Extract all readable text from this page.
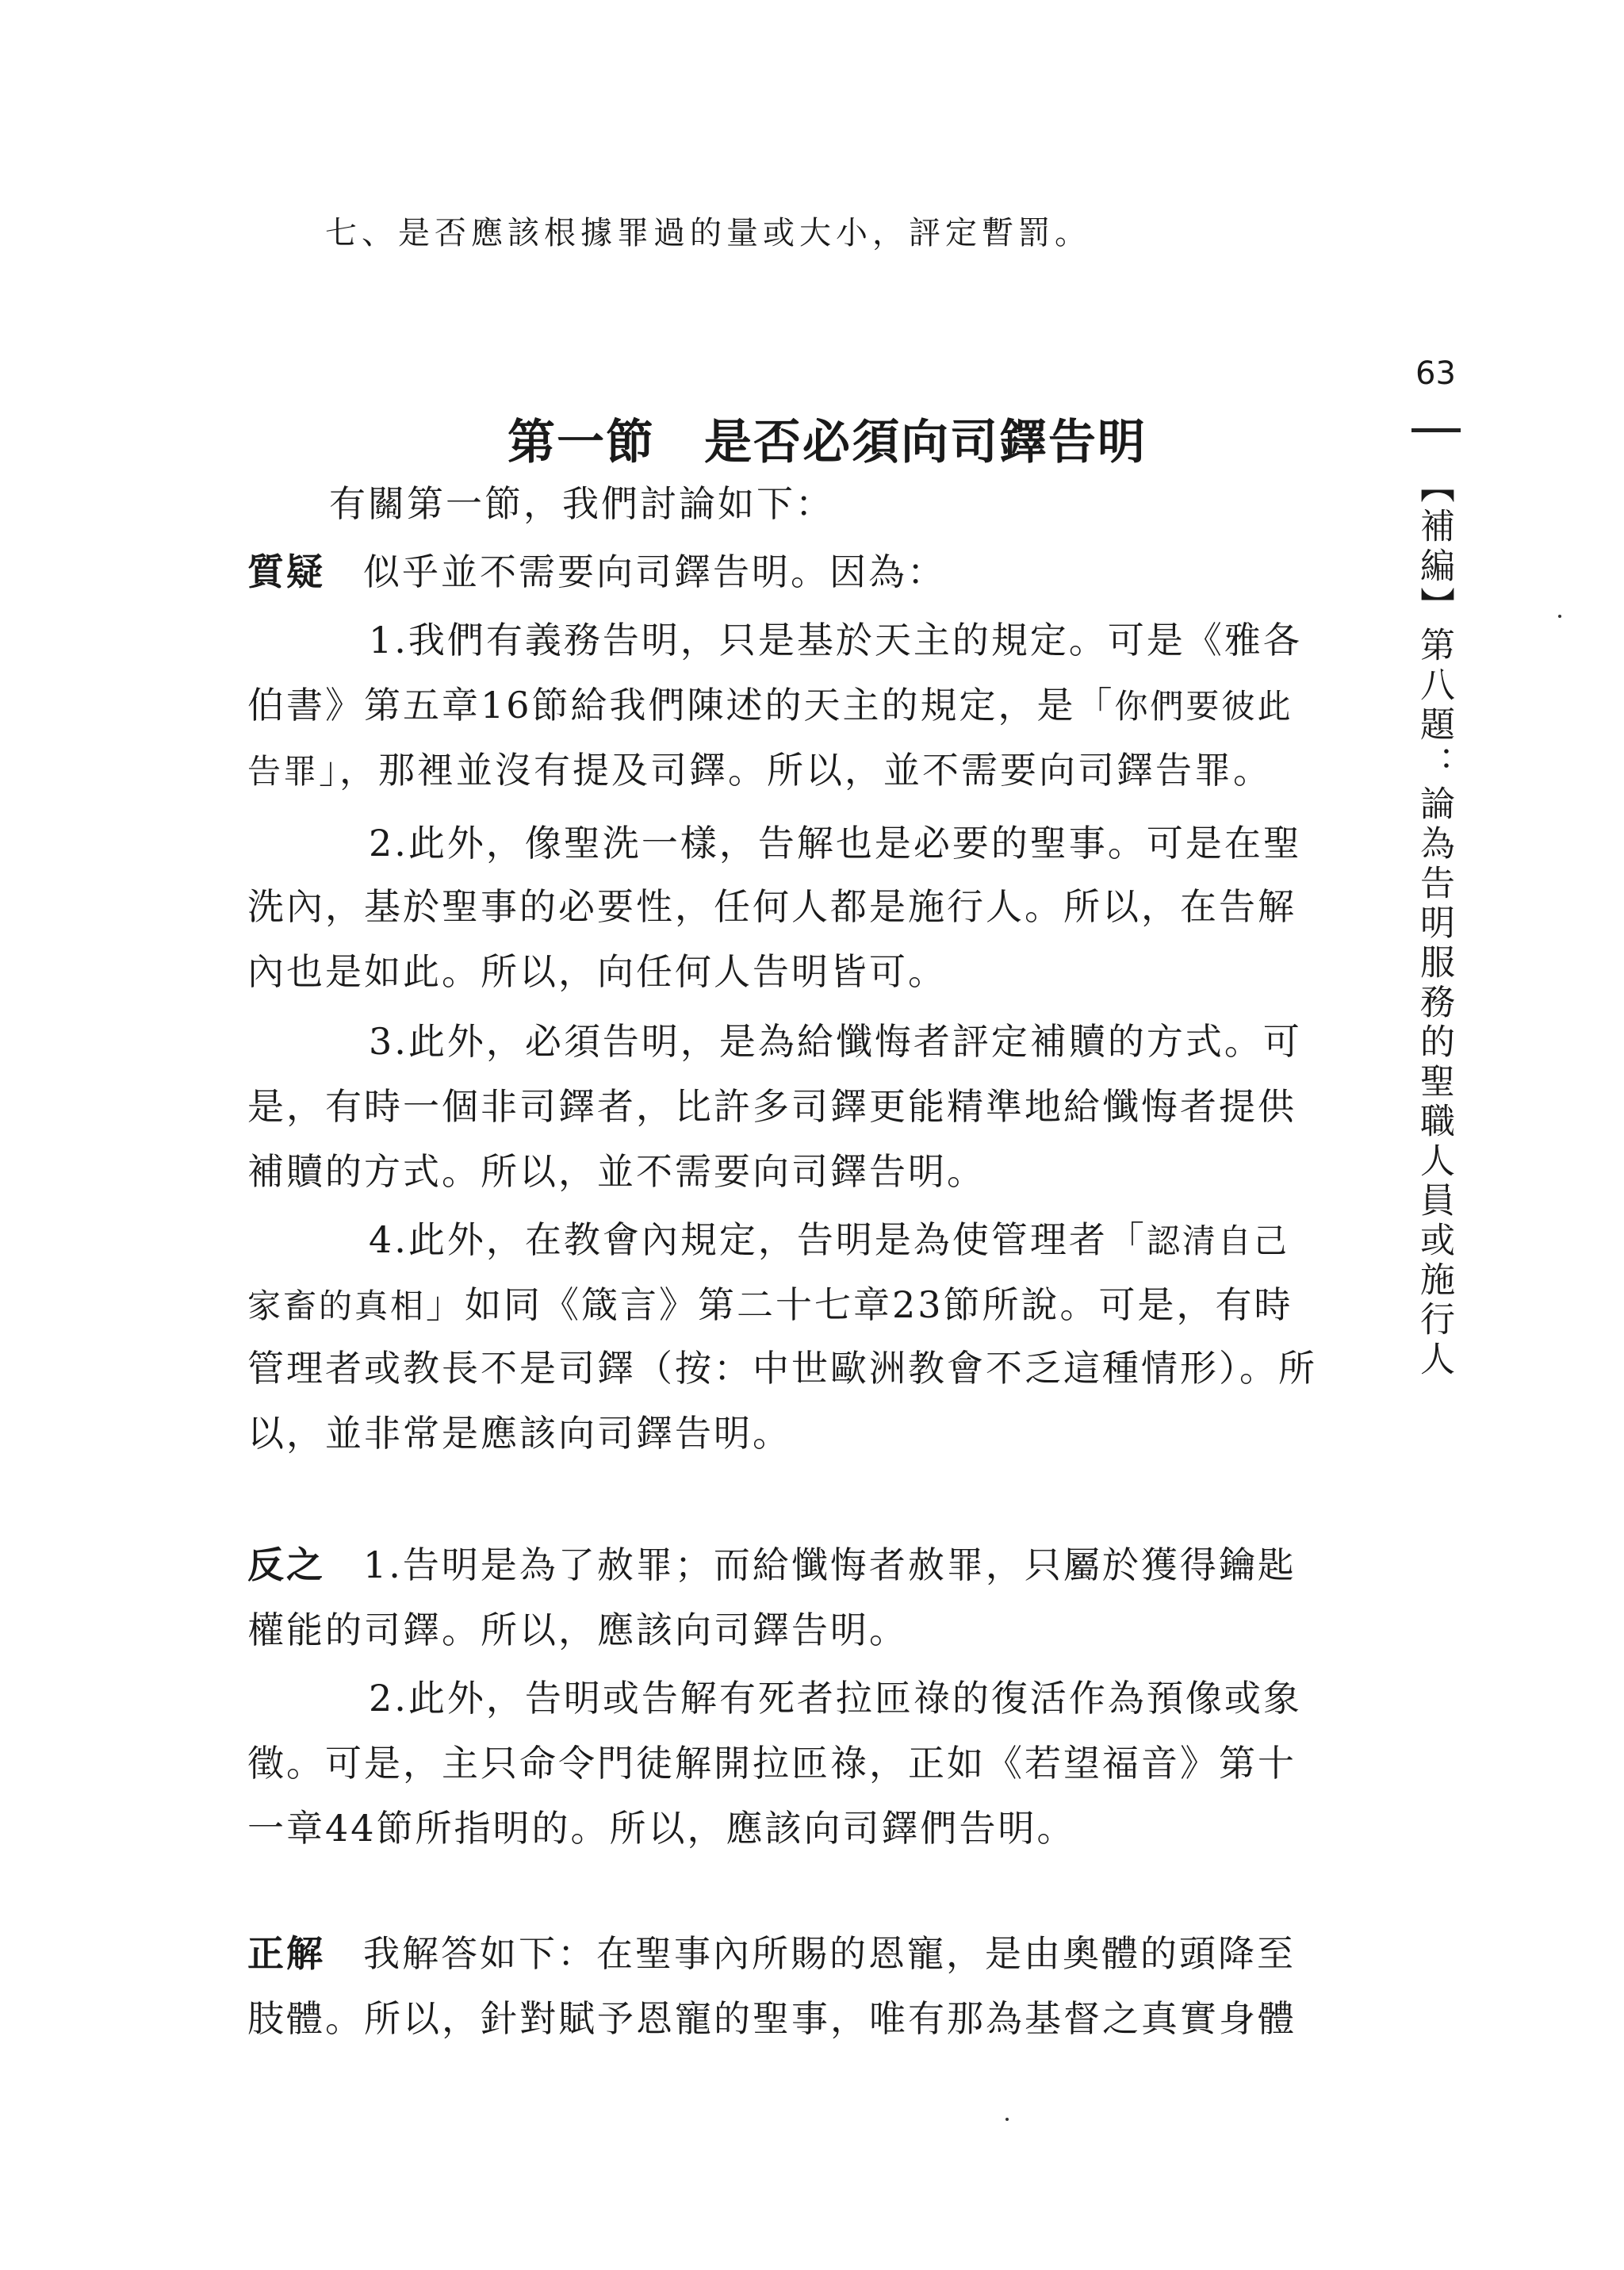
七、是否應該根據罪過的量或大小，評定暫罰。
63
【補編】第八題：論為告明服務的聖職人員或施行人
第一節　是否必須向司鐸告明
有關第一節，我們討論如下：
質疑 似乎並不需要向司鐸告明。因為：
1.我們有義務告明，只是基於天主的規定。可是《雅各
伯書》第五章16節給我們陳述的天主的規定，是「你們要彼此
告罪」，那裡並沒有提及司鐸。所以，並不需要向司鐸告罪。
2.此外，像聖洗一樣，告解也是必要的聖事。可是在聖
洗內，基於聖事的必要性，任何人都是施行人。所以，在告解
內也是如此。所以，向任何人告明皆可。
3.此外，必須告明，是為給懺悔者評定補贖的方式。可
是，有時一個非司鐸者，比許多司鐸更能精準地給懺悔者提供
補贖的方式。所以，並不需要向司鐸告明。
4.此外，在教會內規定，告明是為使管理者「認清自己
家畜的真相」如同《箴言》第二十七章23節所說。可是，有時
管理者或教長不是司鐸（按：中世歐洲教會不乏這種情形）。所
以，並非常是應該向司鐸告明。
反之 1.告明是為了赦罪；而給懺悔者赦罪，只屬於獲得鑰匙
權能的司鐸。所以，應該向司鐸告明。
2.此外，告明或告解有死者拉匝祿的復活作為預像或象
徵。可是，主只命令門徒解開拉匝祿，正如《若望福音》第十
一章44節所指明的。所以，應該向司鐸們告明。
正解 我解答如下：在聖事內所賜的恩寵，是由奧體的頭降至
肢體。所以，針對賦予恩寵的聖事，唯有那為基督之真實身體
